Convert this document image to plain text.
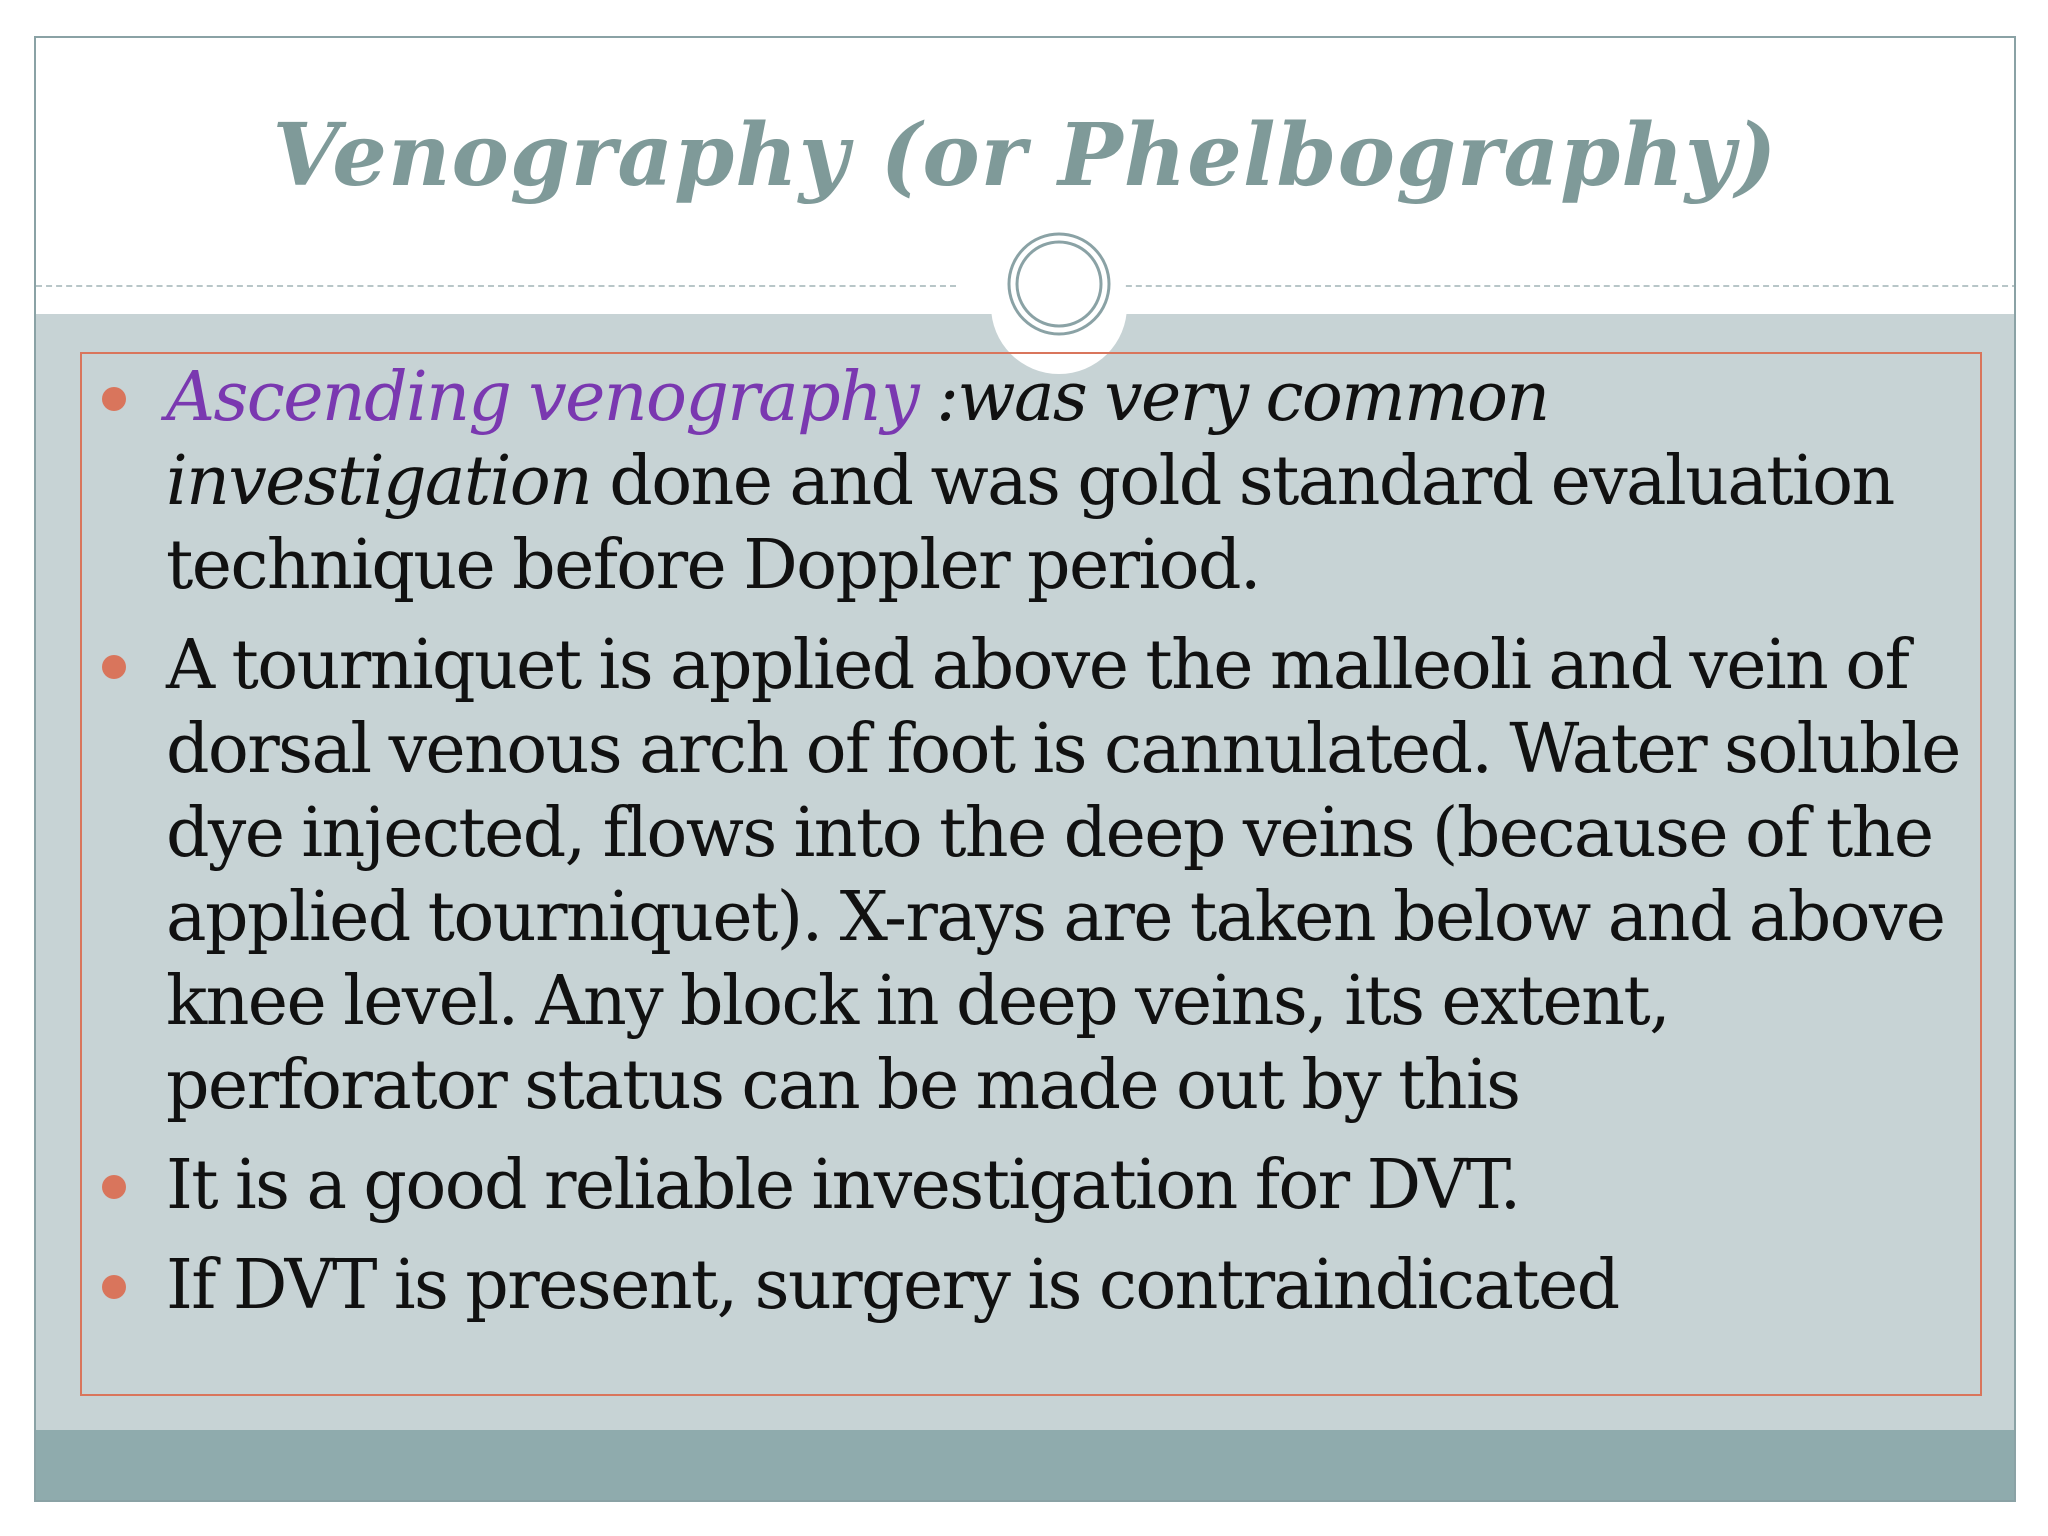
Venography (or Phelbography)
Ascending venography :was very common investigation done and was gold standard evaluation technique before Doppler period.
A tourniquet is applied above the malleoli and vein of dorsal venous arch of foot is cannulated. Water soluble dye injected, flows into the deep veins (because of the applied tourniquet). X-rays are taken below and above knee level. Any block in deep veins, its extent, perforator status can be made out by this
It is a good reliable investigation for DVT.
If DVT is present, surgery is contraindicated
